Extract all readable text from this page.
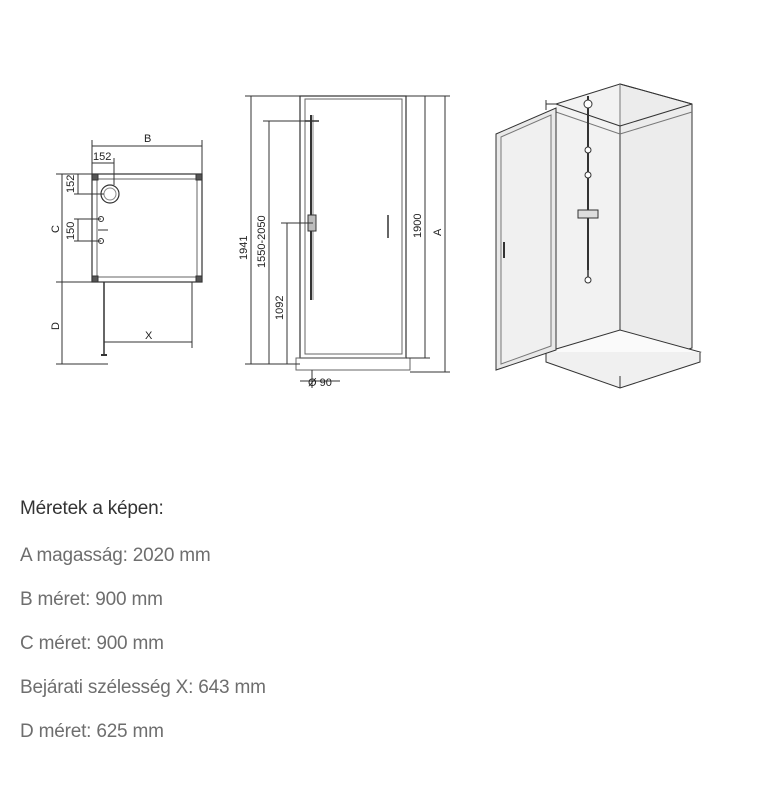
B
152
152
C 150
D
X
1941 1550-2050
1092
1900 A
Ø 90
Méretek a képen:
A magasság: 2020 mm
B méret: 900 mm
C méret: 900 mm
Bejárati szélesség X: 643 mm
D méret: 625 mm
